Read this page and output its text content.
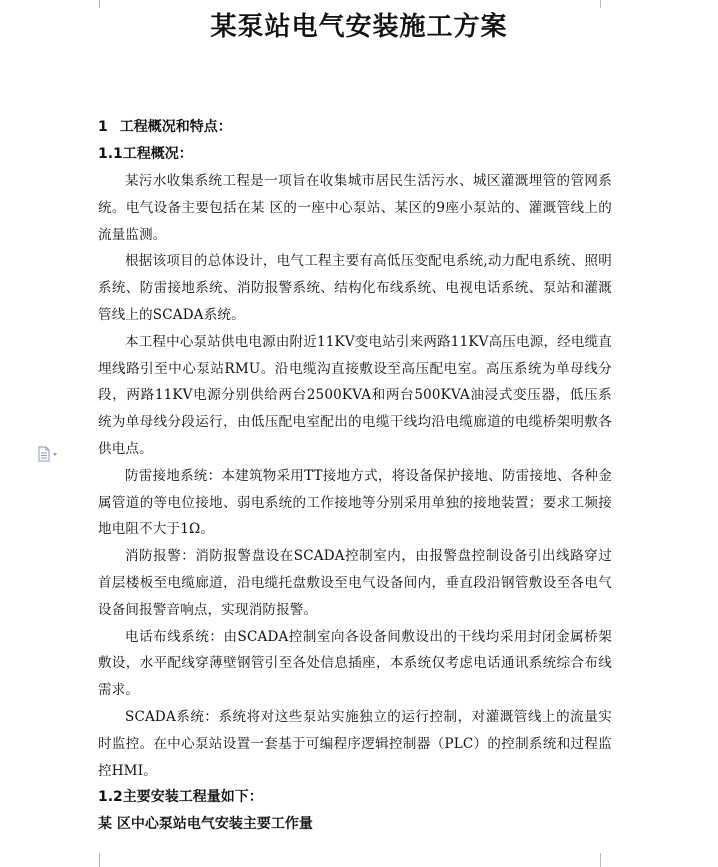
某泵站电气安装施工方案
1 工程概况和特点：
1.1工程概况：

某污水收集系统工程是一项旨在收集城市居民生活污水、城区灌溉埋管的管网系统。电气设备主要包括在某 区的一座中心泵站、某区的9座小泵站的、灌溉管线上的流量监测。

根据该项目的总体设计，电气工程主要有高低压变配电系统,动力配电系统、照明系统、防雷接地系统、消防报警系统、结构化布线系统、电视电话系统、泵站和灌溉管线上的SCADA系统。

本工程中心泵站供电电源由附近11KV变电站引来两路11KV高压电源，经电缆直埋线路引至中心泵站RMU。沿电缆沟直接敷设至高压配电室。高压系统为单母线分段，两路11KV电源分别供给两台2500KVA和两台500KVA油浸式变压器，低压系统为单母线分段运行，由低压配电室配出的电缆干线均沿电缆廊道的电缆桥架明敷各供电点。

防雷接地系统：本建筑物采用TT接地方式，将设备保护接地、防雷接地、各种金属管道的等电位接地、弱电系统的工作接地等分别采用单独的接地装置；要求工频接地电阻不大于1Ω。

消防报警：消防报警盘设在SCADA控制室内，由报警盘控制设备引出线路穿过首层楼板至电缆廊道，沿电缆托盘敷设至电气设备间内，垂直段沿钢管敷设至各电气设备间报警音响点，实现消防报警。

电话布线系统：由SCADA控制室向各设备间敷设出的干线均采用封闭金属桥架敷设，水平配线穿薄壁钢管引至各处信息插座，本系统仅考虑电话通讯系统综合布线需求。

SCADA系统：系统将对这些泵站实施独立的运行控制，对灌溉管线上的流量实时监控。在中心泵站设置一套基于可编程序逻辑控制器（PLC）的控制系统和过程监控HMI。

1.2主要安装工程量如下：
某 区中心泵站电气安装主要工作量
